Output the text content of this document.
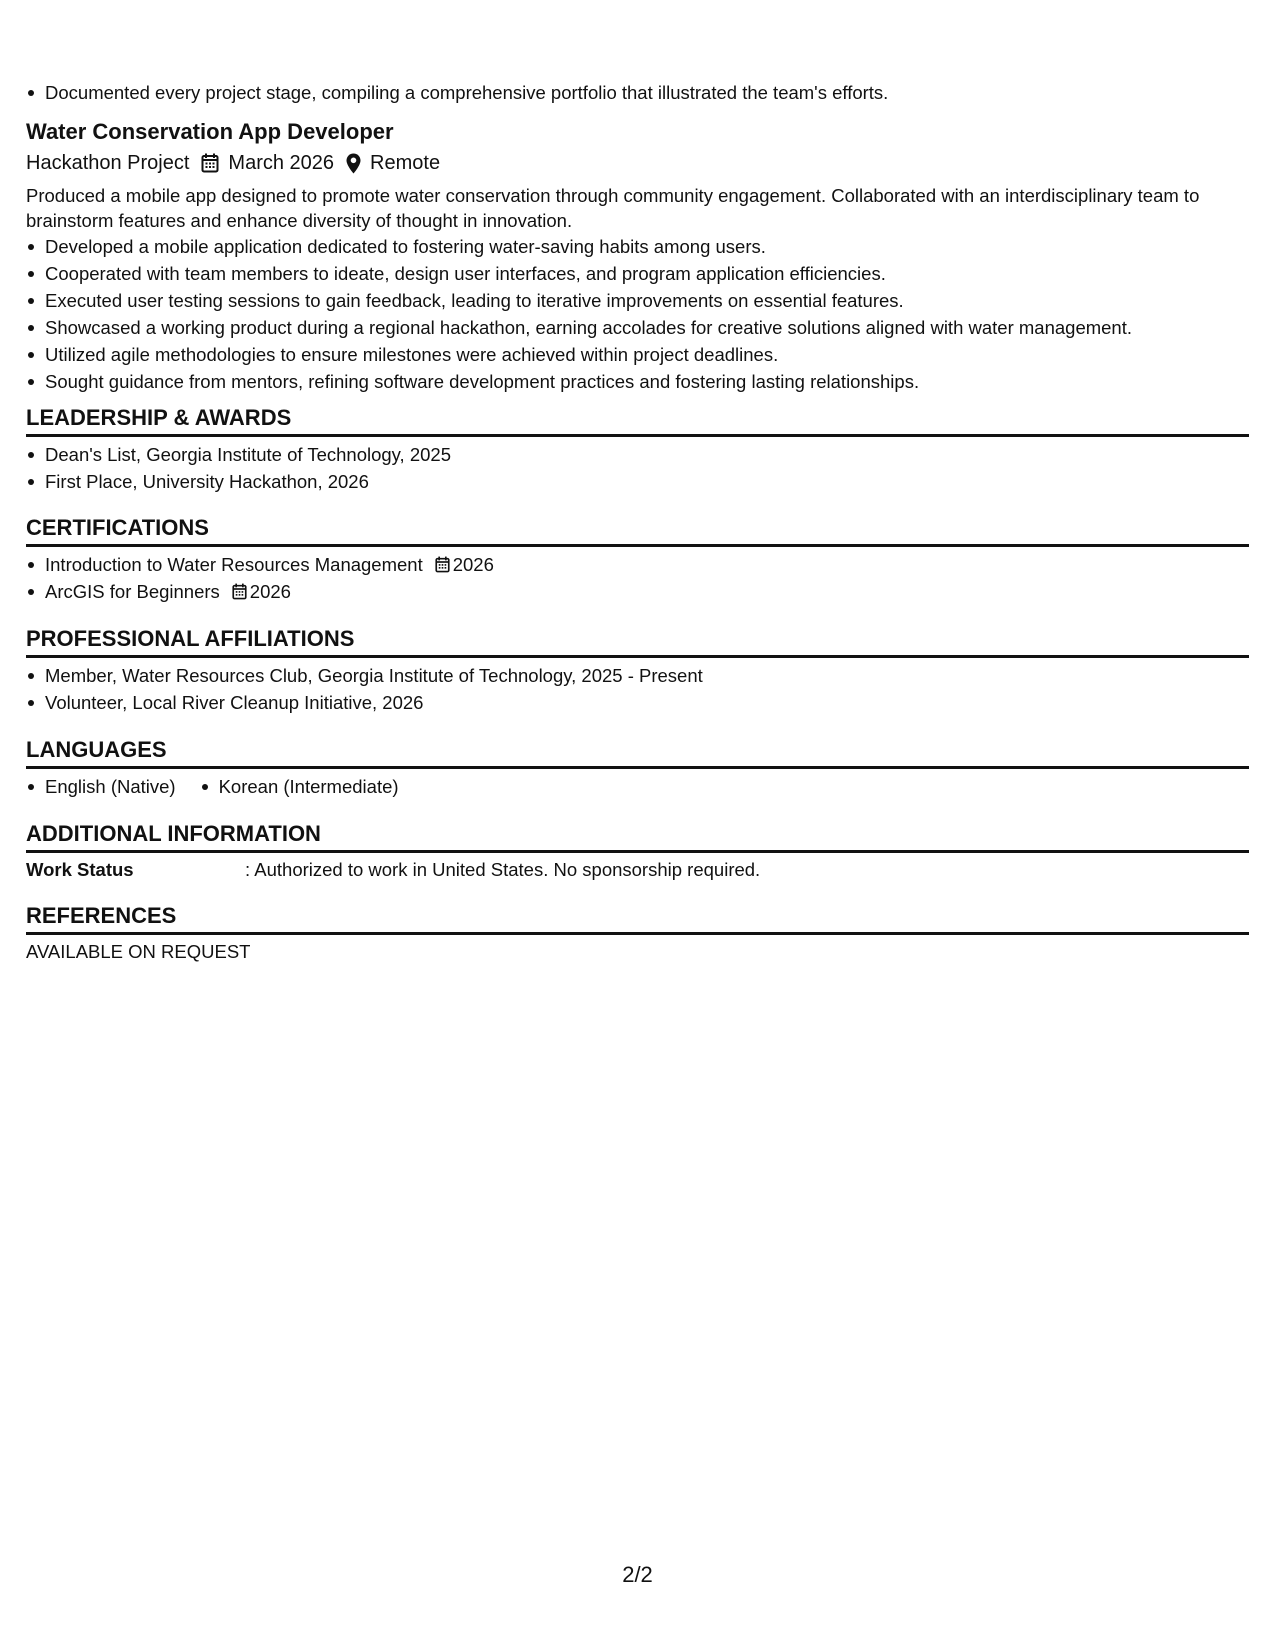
Documented every project stage, compiling a comprehensive portfolio that illustrated the team's efforts.
Water Conservation App Developer
Hackathon Project March 2026 Remote
Produced a mobile app designed to promote water conservation through community engagement. Collaborated with an interdisciplinary team to brainstorm features and enhance diversity of thought in innovation.
Developed a mobile application dedicated to fostering water-saving habits among users.
Cooperated with team members to ideate, design user interfaces, and program application efficiencies.
Executed user testing sessions to gain feedback, leading to iterative improvements on essential features.
Showcased a working product during a regional hackathon, earning accolades for creative solutions aligned with water management.
Utilized agile methodologies to ensure milestones were achieved within project deadlines.
Sought guidance from mentors, refining software development practices and fostering lasting relationships.
LEADERSHIP & AWARDS
Dean's List, Georgia Institute of Technology, 2025
First Place, University Hackathon, 2026
CERTIFICATIONS
Introduction to Water Resources Management 2026
ArcGIS for Beginners 2026
PROFESSIONAL AFFILIATIONS
Member, Water Resources Club, Georgia Institute of Technology, 2025 - Present
Volunteer, Local River Cleanup Initiative, 2026
LANGUAGES
English (Native)	Korean (Intermediate)
ADDITIONAL INFORMATION
Work Status	: Authorized to work in United States. No sponsorship required.
REFERENCES
AVAILABLE ON REQUEST
2/2
